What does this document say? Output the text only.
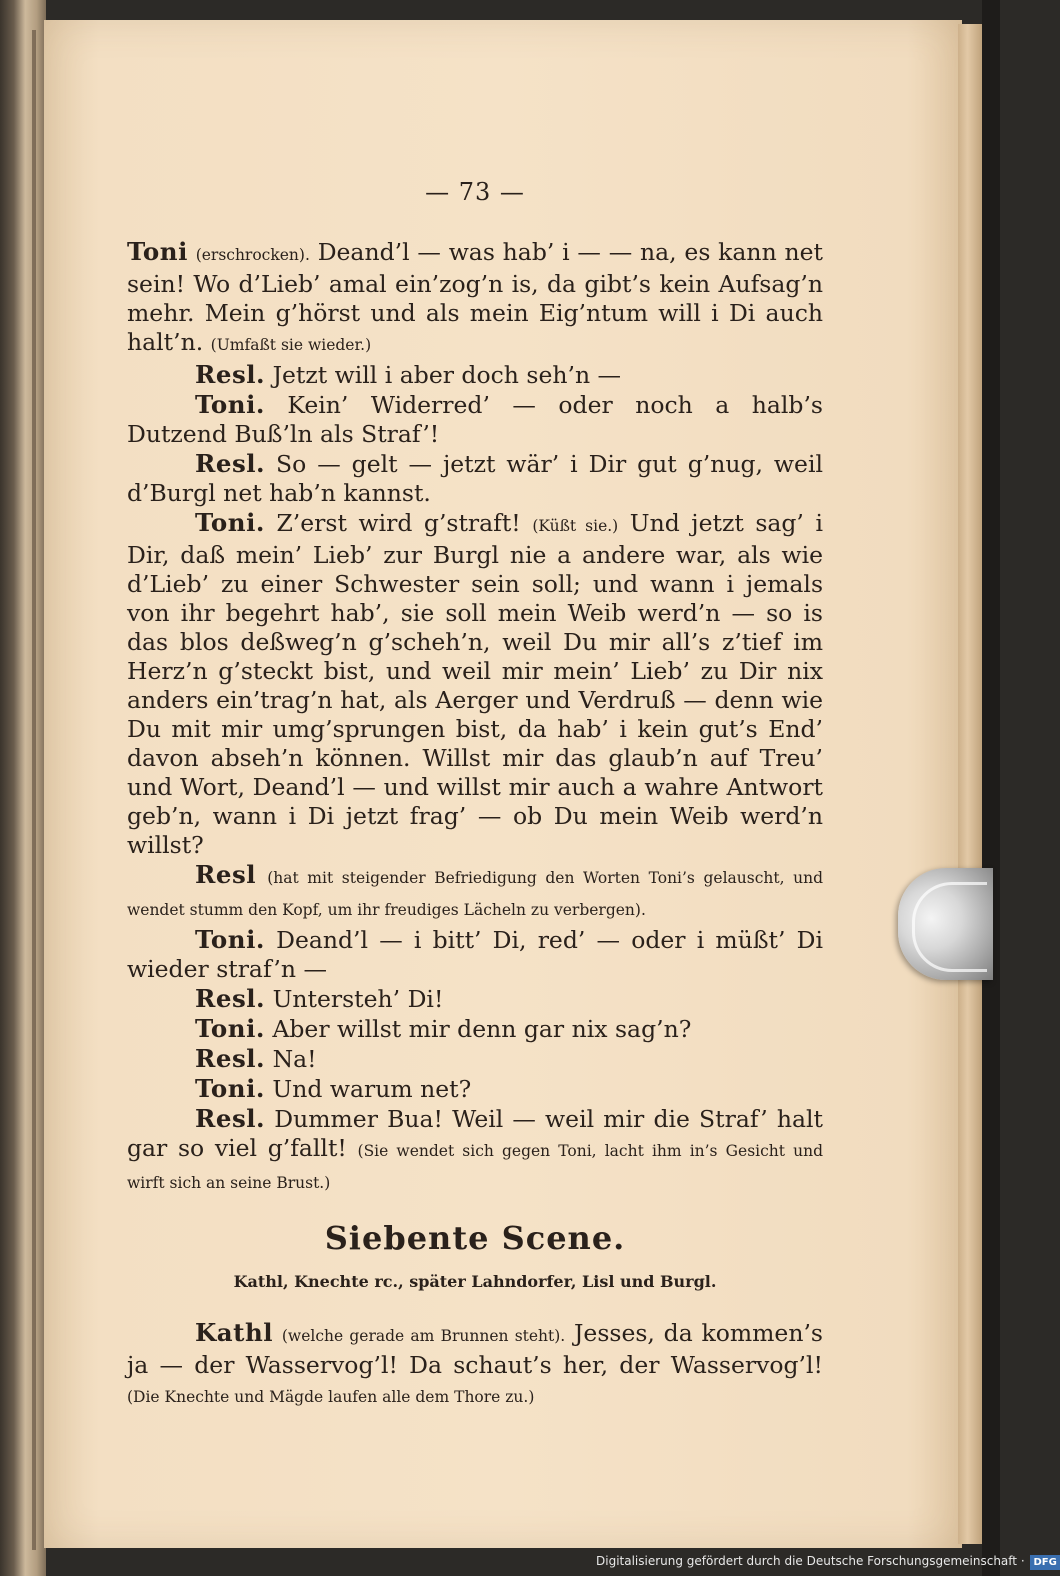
— 73 —

Toni (erschrocken). Deand’l — was hab’ i — — na, es kann net sein! Wo d’Lieb’ amal ein’zog’n is, da gibt’s kein Aufsag’n mehr. Mein g’hörst und als mein Eig’ntum will i Di auch halt’n. (Umfaßt sie wieder.)

Resl. Jetzt will i aber doch seh’n —

Toni. Kein’ Widerred’ — oder noch a halb’s Dutzend Buß’ln als Straf’!

Resl. So — gelt — jetzt wär’ i Dir gut g’nug, weil d’Burgl net hab’n kannst.

Toni. Z’erst wird g’straft! (Küßt sie.) Und jetzt sag’ i Dir, daß mein’ Lieb’ zur Burgl nie a andere war, als wie d’Lieb’ zu einer Schwester sein soll; und wann i jemals von ihr begehrt hab’, sie soll mein Weib werd’n — so is das blos deßweg’n g’scheh’n, weil Du mir all’s z’tief im Herz’n g’steckt bist, und weil mir mein’ Lieb’ zu Dir nix anders ein’trag’n hat, als Aerger und Verdruß — denn wie Du mit mir umg’sprungen bist, da hab’ i kein gut’s End’ davon abseh’n können. Willst mir das glaub’n auf Treu’ und Wort, Deand’l — und willst mir auch a wahre Antwort geb’n, wann i Di jetzt frag’ — ob Du mein Weib werd’n willst?

Resl (hat mit steigender Befriedigung den Worten Toni’s gelauscht, und wendet stumm den Kopf, um ihr freudiges Lächeln zu verbergen).

Toni. Deand’l — i bitt’ Di, red’ — oder i müßt’ Di wieder straf’n —

Resl. Untersteh’ Di!

Toni. Aber willst mir denn gar nix sag’n?

Resl. Na!

Toni. Und warum net?

Resl. Dummer Bua! Weil — weil mir die Straf’ halt gar so viel g’fallt! (Sie wendet sich gegen Toni, lacht ihm in’s Gesicht und wirft sich an seine Brust.)

Siebente Scene.
Kathl, Knechte rc., später Lahndorfer, Lisl und Burgl.

Kathl (welche gerade am Brunnen steht). Jesses, da kommen’s ja — der Wasservog’l! Da schaut’s her, der Wasservog’l! (Die Knechte und Mägde laufen alle dem Thore zu.)

Digitalisierung gefördert durch die Deutsche Forschungsgemeinschaft · DFG
